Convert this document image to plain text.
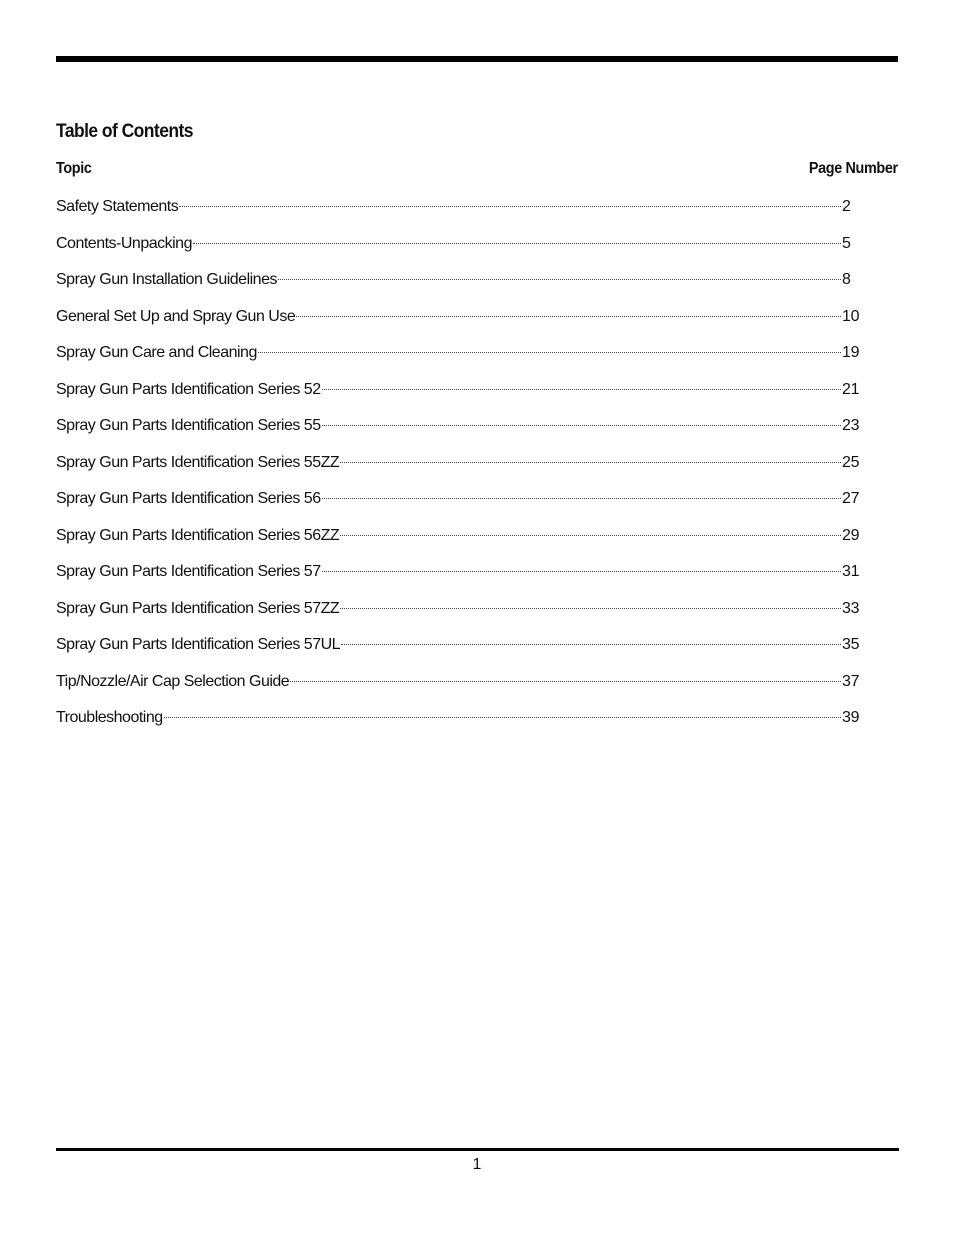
Table of Contents
Topic	Page Number
Safety Statements	2
Contents-Unpacking	5
Spray Gun Installation Guidelines	8
General Set Up and Spray Gun Use	10
Spray Gun Care and Cleaning	19
Spray Gun Parts Identification Series 52	21
Spray Gun Parts Identification Series 55	23
Spray Gun Parts Identification Series 55ZZ	25
Spray Gun Parts Identification Series 56	27
Spray Gun Parts Identification Series 56ZZ	29
Spray Gun Parts Identification Series 57	31
Spray Gun Parts Identification Series 57ZZ	33
Spray Gun Parts Identification Series 57UL	35
Tip/Nozzle/Air Cap Selection Guide	37
Troubleshooting	39
1
